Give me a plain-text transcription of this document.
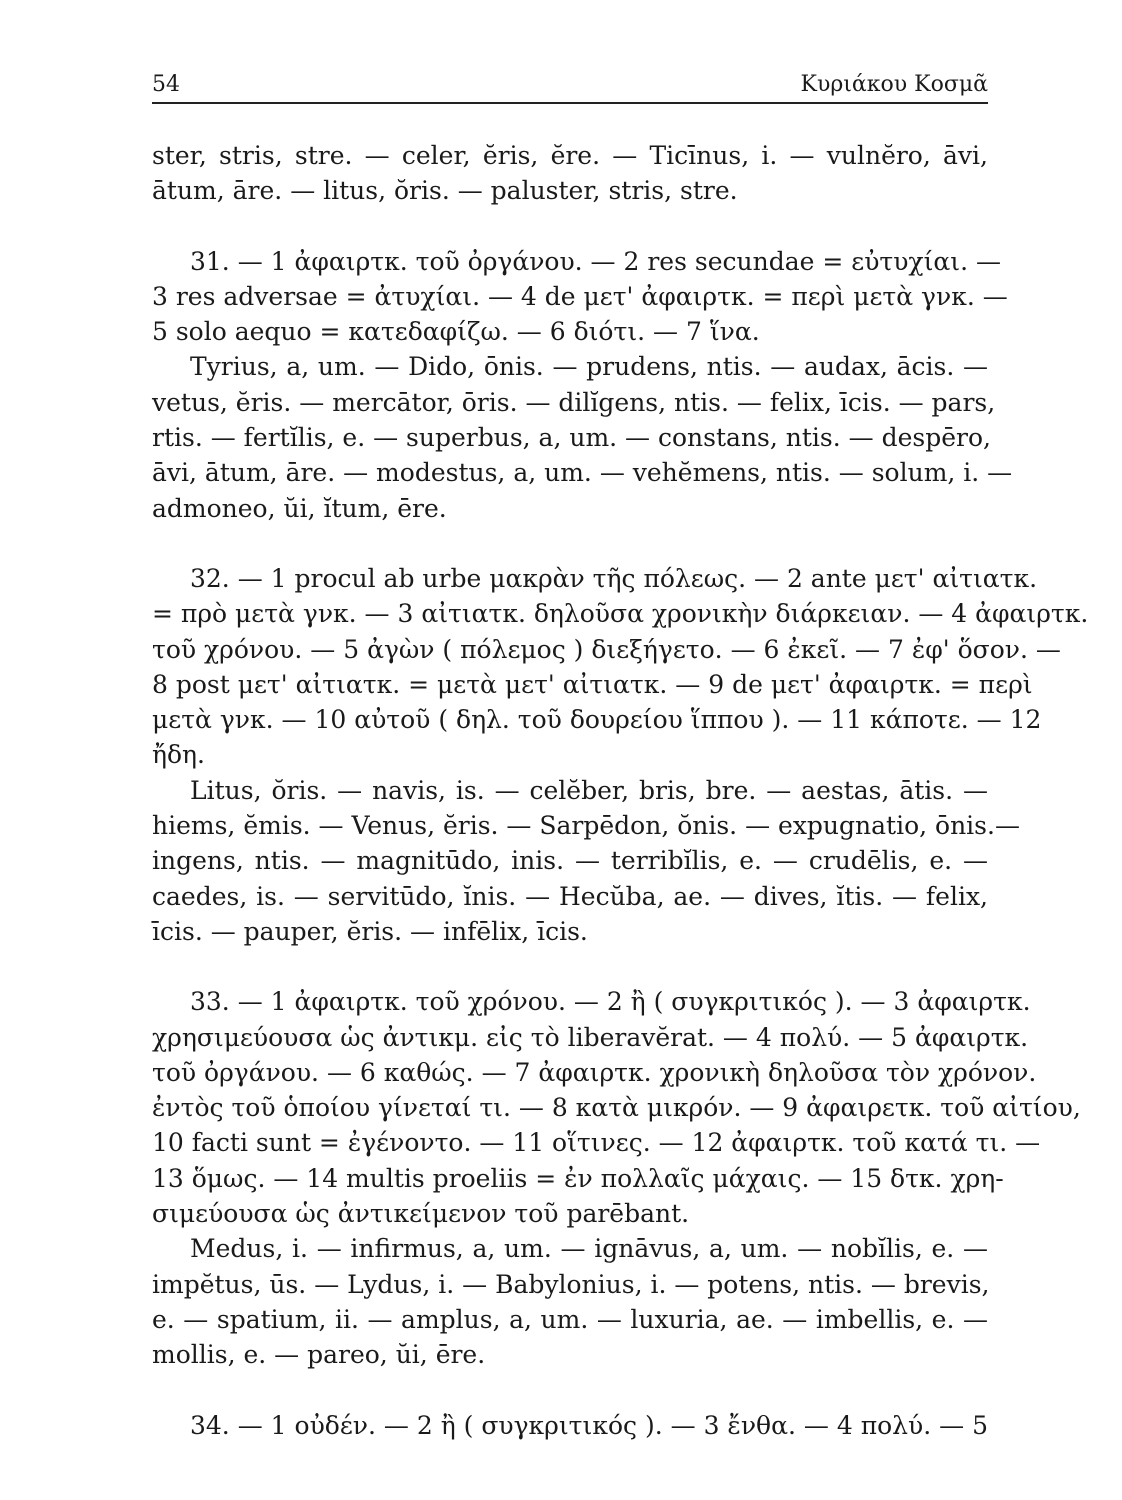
54	Κυριάκου Κοσμᾶ
ster, stris, stre. — celer, ĕris, ĕre. — Ticīnus, i. — vulnĕro, āvi,
ātum, āre. — litus, ŏris. — paluster, stris, stre.
31. — 1 ἀφαιρτκ. τοῦ ὀργάνου. — 2 res secundae = εὐτυχίαι. —
3 res adversae = ἀτυχίαι. — 4 de μετ' ἀφαιρτκ. = περὶ μετὰ γνκ. —
5 solo aequo = κατεδαφίζω. — 6 διότι. — 7 ἵνα.
Tyrius, a, um. — Dido, ōnis. — prudens, ntis. — audax, ācis. —
vetus, ĕris. — mercātor, ōris. — dilĭgens, ntis. — felix, īcis. — pars,
rtis. — fertĭlis, e. — superbus, a, um. — constans, ntis. — despēro,
āvi, ātum, āre. — modestus, a, um. — vehĕmens, ntis. — solum, i. —
admoneo, ŭi, ĭtum, ēre.
32. — 1 procul ab urbe μακρὰν τῆς πόλεως. — 2 ante μετ' αἰτιατκ.
= πρὸ μετὰ γνκ. — 3 αἰτιατκ. δηλοῦσα χρονικὴν διάρκειαν. — 4 ἀφαιρτκ.
τοῦ χρόνου. — 5 ἀγὼν ( πόλεμος ) διεξήγετο. — 6 ἐκεῖ. — 7 ἐφ' ὅσον. —
8 post μετ' αἰτιατκ. = μετὰ μετ' αἰτιατκ. — 9 de μετ' ἀφαιρτκ. = περὶ
μετὰ γνκ. — 10 αὐτοῦ ( δηλ. τοῦ δουρείου ἵππου ). — 11 κάποτε. — 12
ἤδη.
Litus, ŏris. — navis, is. — celĕber, bris, bre. — aestas, ātis. —
hiems, ĕmis. — Venus, ĕris. — Sarpēdon, ŏnis. — expugnatio, ōnis.—
ingens, ntis. — magnitūdo, inis. — terribĭlis, e. — crudēlis, e. —
caedes, is. — servitūdo, ĭnis. — Hecŭba, ae. — dives, ĭtis. — felix,
īcis. — pauper, ĕris. — infēlix, īcis.
33. — 1 ἀφαιρτκ. τοῦ χρόνου. — 2 ἢ ( συγκριτικός ). — 3 ἀφαιρτκ.
χρησιμεύουσα ὡς ἀντικμ. εἰς τὸ liberavĕrat. — 4 πολύ. — 5 ἀφαιρτκ.
τοῦ ὀργάνου. — 6 καθώς. — 7 ἀφαιρτκ. χρονικὴ δηλοῦσα τὸν χρόνον.
ἐντὸς τοῦ ὁποίου γίνεταί τι. — 8 κατὰ μικρόν. — 9 ἀφαιρετκ. τοῦ αἰτίου,
10 facti sunt = ἐγένοντο. — 11 οἵτινες. — 12 ἀφαιρτκ. τοῦ κατά τι. —
13 ὅμως. — 14 multis proeliis = ἐν πολλαῖς μάχαις. — 15 δτκ. χρη-
σιμεύουσα ὡς ἀντικείμενον τοῦ parēbant.
Medus, i. — infirmus, a, um. — ignāvus, a, um. — nobĭlis, e. —
impĕtus, ūs. — Lydus, i. — Babylonius, i. — potens, ntis. — brevis,
e. — spatium, ii. — amplus, a, um. — luxuria, ae. — imbellis, e. —
mollis, e. — pareo, ŭi, ēre.
34. — 1 οὐδέν. — 2 ἢ ( συγκριτικός ). — 3 ἔνθα. — 4 πολύ. — 5
